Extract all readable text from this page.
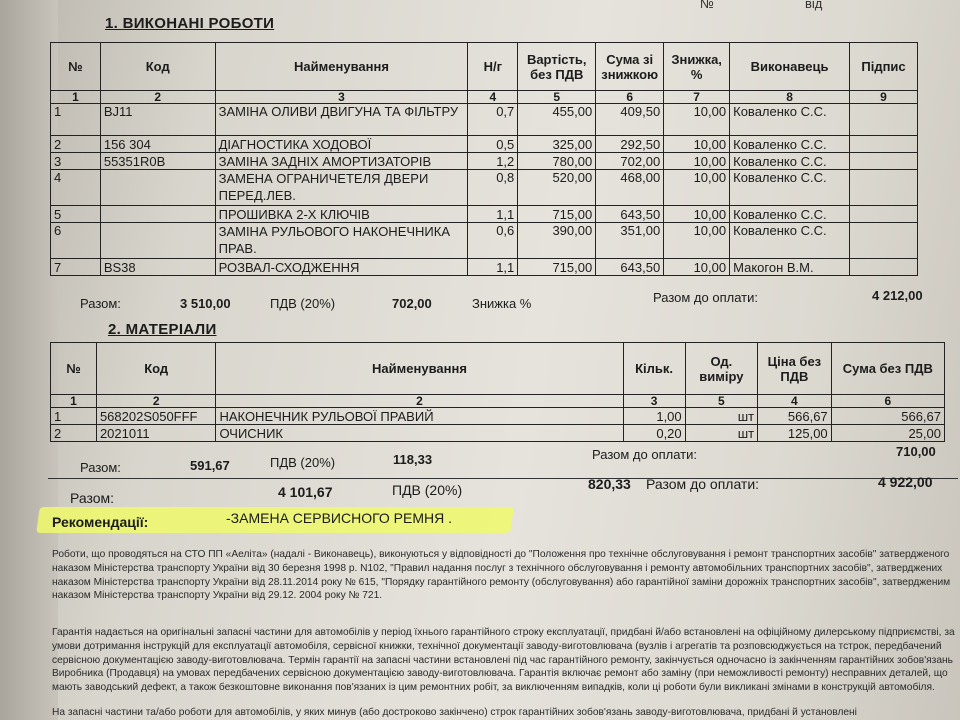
№	від
1. ВИКОНАНІ РОБОТИ
№	Код	Найменування	Н/г	Вартість, без ПДВ	Сума зі знижкою	Знижка, %	Виконавець	Підпис
1	2	3	4	5	6	7	8	9
1	BJ11	ЗАМІНА ОЛИВИ ДВИГУНА ТА ФІЛЬТРУ	0,7	455,00	409,50	10,00	Коваленко С.С.	
2	156 304	ДІАГНОСТИКА ХОДОВОЇ	0,5	325,00	292,50	10,00	Коваленко С.С.	
3	55351R0B	ЗАМІНА ЗАДНІХ АМОРТИЗАТОРІВ	1,2	780,00	702,00	10,00	Коваленко С.С.	
4		ЗАМЕНА ОГРАНИЧЕТЕЛЯ ДВЕРИ ПЕРЕД.ЛЕВ.	0,8	520,00	468,00	10,00	Коваленко С.С.	
5		ПРОШИВКА 2-Х КЛЮЧІВ	1,1	715,00	643,50	10,00	Коваленко С.С.	
6		ЗАМІНА РУЛЬОВОГО НАКОНЕЧНИКА ПРАВ.	0,6	390,00	351,00	10,00	Коваленко С.С.	
7	BS38	РОЗВАЛ-СХОДЖЕННЯ	1,1	715,00	643,50	10,00	Макогон В.М.	
Разом:	3 510,00	ПДВ (20%)	702,00	Знижка %	Разом до оплати:	4 212,00
2. МАТЕРІАЛИ
№	Код	Найменування	Кільк.	Од. виміру	Ціна без ПДВ	Сума без ПДВ
1	2	2	3	5	4	6
1	568202S050FFF	НАКОНЕЧНИК РУЛЬОВОЇ ПРАВИЙ	1,00	шт	566,67	566,67
2	2021011	ОЧИСНИК	0,20	шт	125,00	25,00
Разом:	591,67	ПДВ (20%)	118,33	Разом до оплати:	710,00
Разом:	4 101,67	ПДВ (20%)	820,33 Разом до оплати:	4 922,00
Рекомендації:	-ЗАМЕНА СЕРВИСНОГО РЕМНЯ .

Роботи, що проводяться на СТО ПП «Аеліта» (надалі - Виконавець), виконуються у відповідності до "Положення про технічне обслуговування і ремонт транспортних засобів" затвердженого наказом Міністерства транспорту України від 30 березня 1998 р. N102, "Правил надання послуг з технічного обслуговування і ремонту автомобільних транспортних засобів", затверджених наказом Міністерства транспорту України від 28.11.2014 року № 615, "Порядку гарантійного ремонту (обслуговування) або гарантійної заміни дорожніх транспортних засобів", затвердженим наказом Міністерства транспорту України від 29.12. 2004 року № 721.

Гарантія надається на оригінальні запасні частини для автомобілів у період їхнього гарантійного строку експлуатації, придбані й/або встановлені на офіційному дилерському підприємстві, за умови дотримання інструкцій для експлуатації автомобіля, сервісної книжки, технічної документації заводу-виготовлювача (вузлів і агрегатів та розповсюджується на тстрок, передбачений сервісною документацією заводу-виготовлювача. Термін гарантії на запасні частини встановлені під час гарантійного ремонту, закінчується одночасно із закінченням гарантійних зобов'язань Виробника (Продавця) на умовах передбачених сервісною документацією заводу-виготовлювача. Гарантія включає ремонт або заміну (при неможливості ремонту) несправних деталей, що мають заводський дефект, а також безкоштовне виконання пов'язаних із цим ремонтних робіт, за виключенням випадків, коли ці роботи були викликані змінами в конструкцій автомобіля.

На запасні частини та/або роботи для автомобілів, у яких минув (або достроково закінчено) строк гарантійних зобов'язань заводу-виготовлювача, придбані й установлені
